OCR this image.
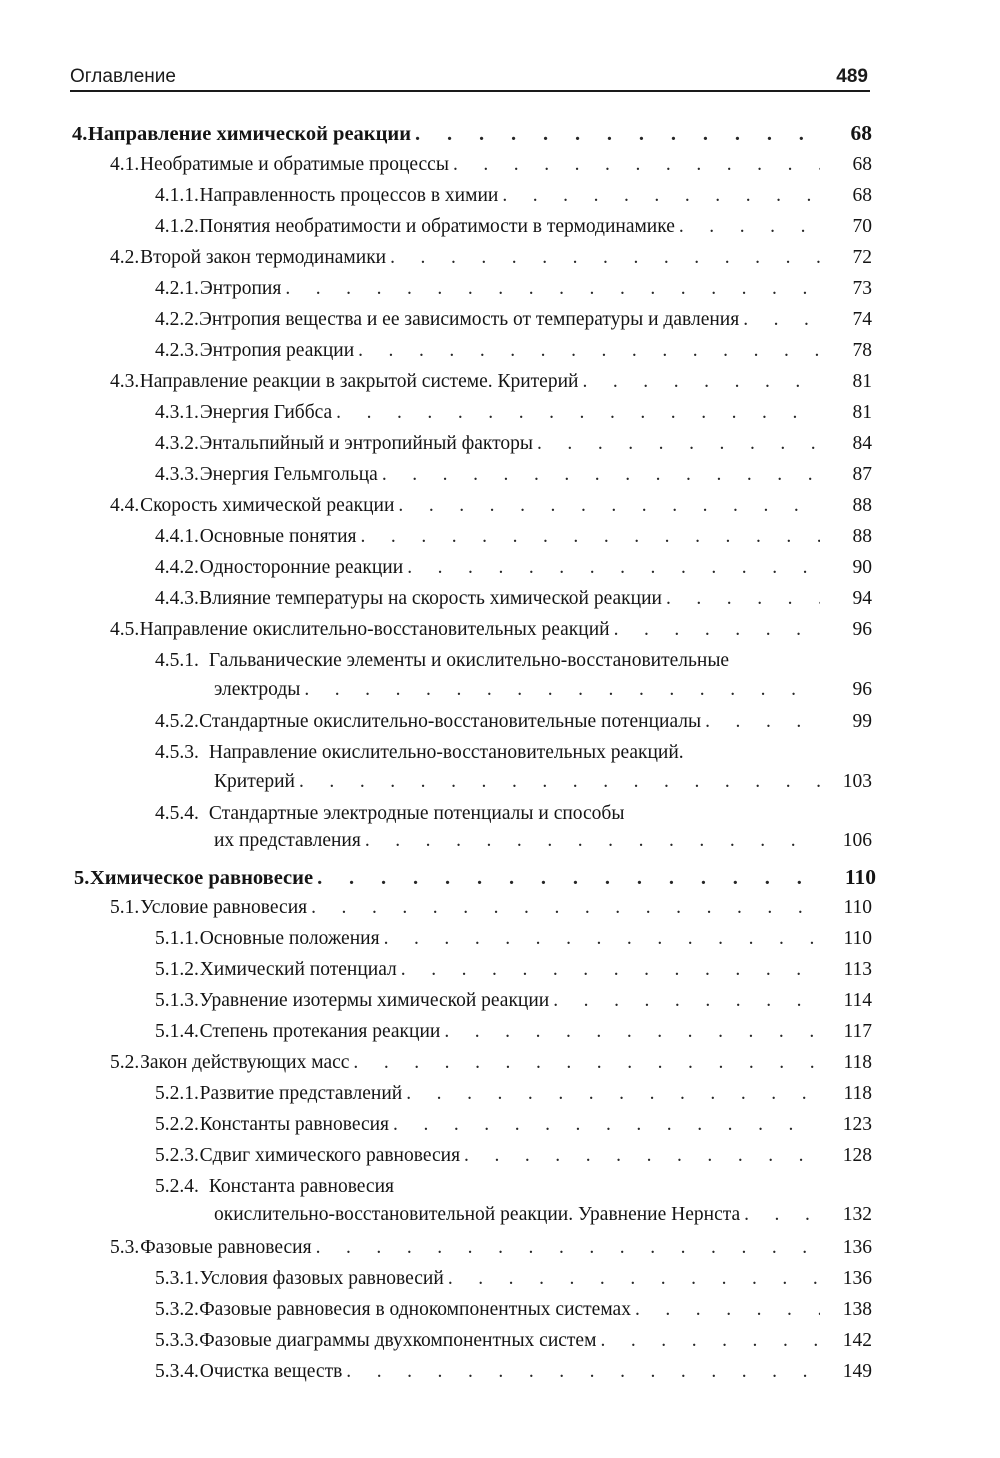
Оглавление	489
4. Направление химической реакции . . .	68
4.1. Необратимые и обратимые процессы . . .	68
4.1.1. Направленность процессов в химии . . .	68
4.1.2. Понятия необратимости и обратимости в термодинамике . . .	70
4.2. Второй закон термодинамики . . .	72
4.2.1. Энтропия . . .	73
4.2.2. Энтропия вещества и ее зависимость от температуры и давления . . .	74
4.2.3. Энтропия реакции . . .	78
4.3. Направление реакции в закрытой системе. Критерий . . .	81
4.3.1. Энергия Гиббса . . .	81
4.3.2. Энтальпийный и энтропийный факторы . . .	84
4.3.3. Энергия Гельмгольца . . .	87
4.4. Скорость химической реакции . . .	88
4.4.1. Основные понятия . . .	88
4.4.2. Односторонние реакции . . .	90
4.4.3. Влияние температуры на скорость химической реакции . . .	94
4.5. Направление окислительно-восстановительных реакций . . .	96
4.5.1. Гальванические элементы и окислительно-восстановительные
электроды . . .	96
4.5.2. Стандартные окислительно-восстановительные потенциалы . . .	99
4.5.3. Направление окислительно-восстановительных реакций.
Критерий . . .	103
4.5.4. Стандартные электродные потенциалы и способы
их представления . . .	106
5. Химическое равновесие . . .	110
5.1. Условие равновесия . . .	110
5.1.1. Основные положения . . .	110
5.1.2. Химический потенциал . . .	113
5.1.3. Уравнение изотермы химической реакции . . .	114
5.1.4. Степень протекания реакции . . .	117
5.2. Закон действующих масс . . .	118
5.2.1. Развитие представлений . . .	118
5.2.2. Константы равновесия . . .	123
5.2.3. Сдвиг химического равновесия . . .	128
5.2.4. Константа равновесия
окислительно-восстановительной реакции. Уравнение Нернста . . .	132
5.3. Фазовые равновесия . . .	136
5.3.1. Условия фазовых равновесий . . .	136
5.3.2. Фазовые равновесия в однокомпонентных системах . . .	138
5.3.3. Фазовые диаграммы двухкомпонентных систем . . .	142
5.3.4. Очистка веществ . . .	149
